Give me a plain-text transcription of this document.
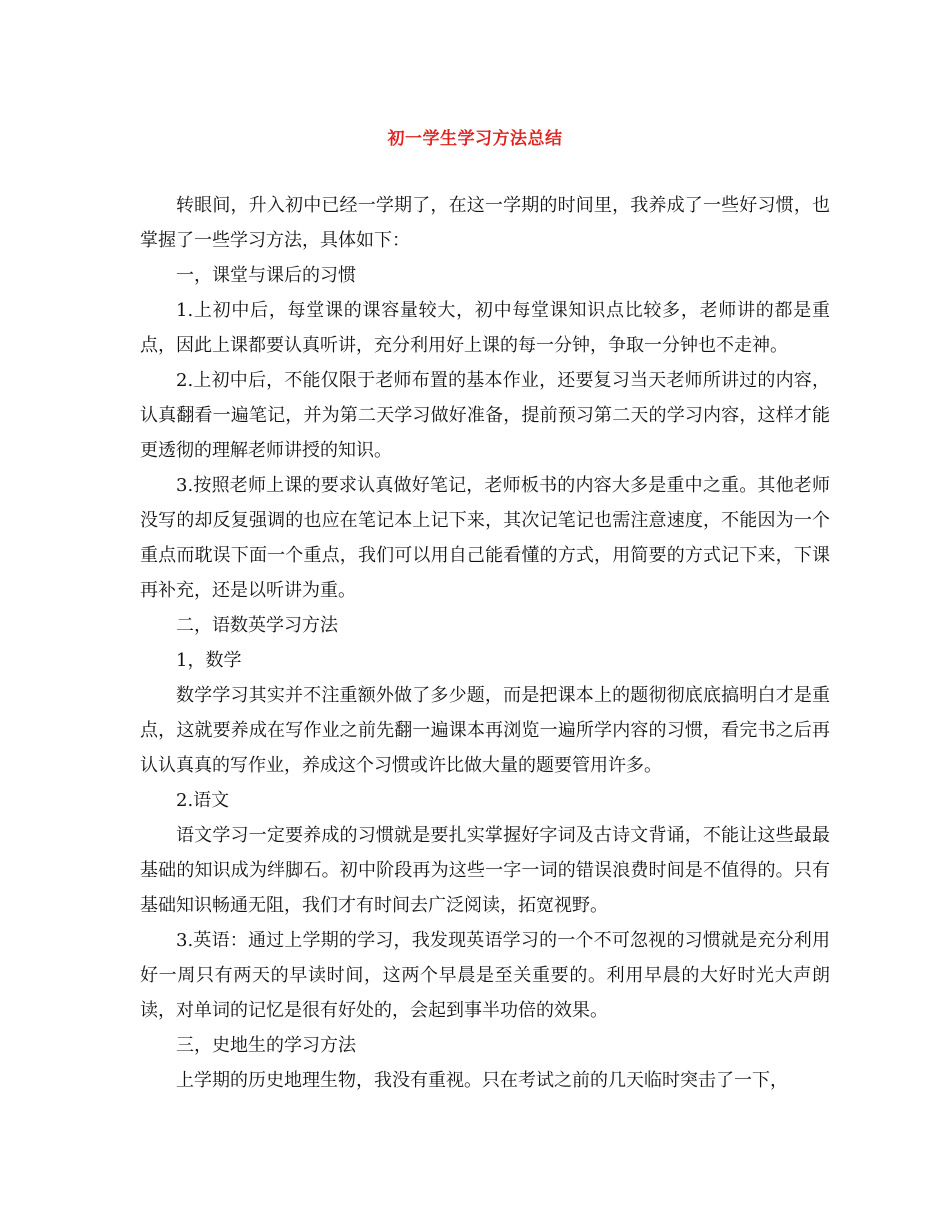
初一学生学习方法总结

转眼间，升入初中已经一学期了，在这一学期的时间里，我养成了一些好习惯，也掌握了一些学习方法，具体如下：

一，课堂与课后的习惯

1.上初中后，每堂课的课容量较大，初中每堂课知识点比较多，老师讲的都是重点，因此上课都要认真听讲，充分利用好上课的每一分钟，争取一分钟也不走神。

2.上初中后，不能仅限于老师布置的基本作业，还要复习当天老师所讲过的内容，认真翻看一遍笔记，并为第二天学习做好准备，提前预习第二天的学习内容，这样才能更透彻的理解老师讲授的知识。

3.按照老师上课的要求认真做好笔记，老师板书的内容大多是重中之重。其他老师没写的却反复强调的也应在笔记本上记下来，其次记笔记也需注意速度，不能因为一个重点而耽误下面一个重点，我们可以用自己能看懂的方式，用简要的方式记下来，下课再补充，还是以听讲为重。

二，语数英学习方法

1，数学

数学学习其实并不注重额外做了多少题，而是把课本上的题彻彻底底搞明白才是重点，这就要养成在写作业之前先翻一遍课本再浏览一遍所学内容的习惯，看完书之后再认认真真的写作业，养成这个习惯或许比做大量的题要管用许多。

2.语文

语文学习一定要养成的习惯就是要扎实掌握好字词及古诗文背诵，不能让这些最最基础的知识成为绊脚石。初中阶段再为这些一字一词的错误浪费时间是不值得的。只有基础知识畅通无阻，我们才有时间去广泛阅读，拓宽视野。

3.英语：通过上学期的学习，我发现英语学习的一个不可忽视的习惯就是充分利用好一周只有两天的早读时间，这两个早晨是至关重要的。利用早晨的大好时光大声朗读，对单词的记忆是很有好处的，会起到事半功倍的效果。

三，史地生的学习方法

上学期的历史地理生物，我没有重视。只在考试之前的几天临时突击了一下，
